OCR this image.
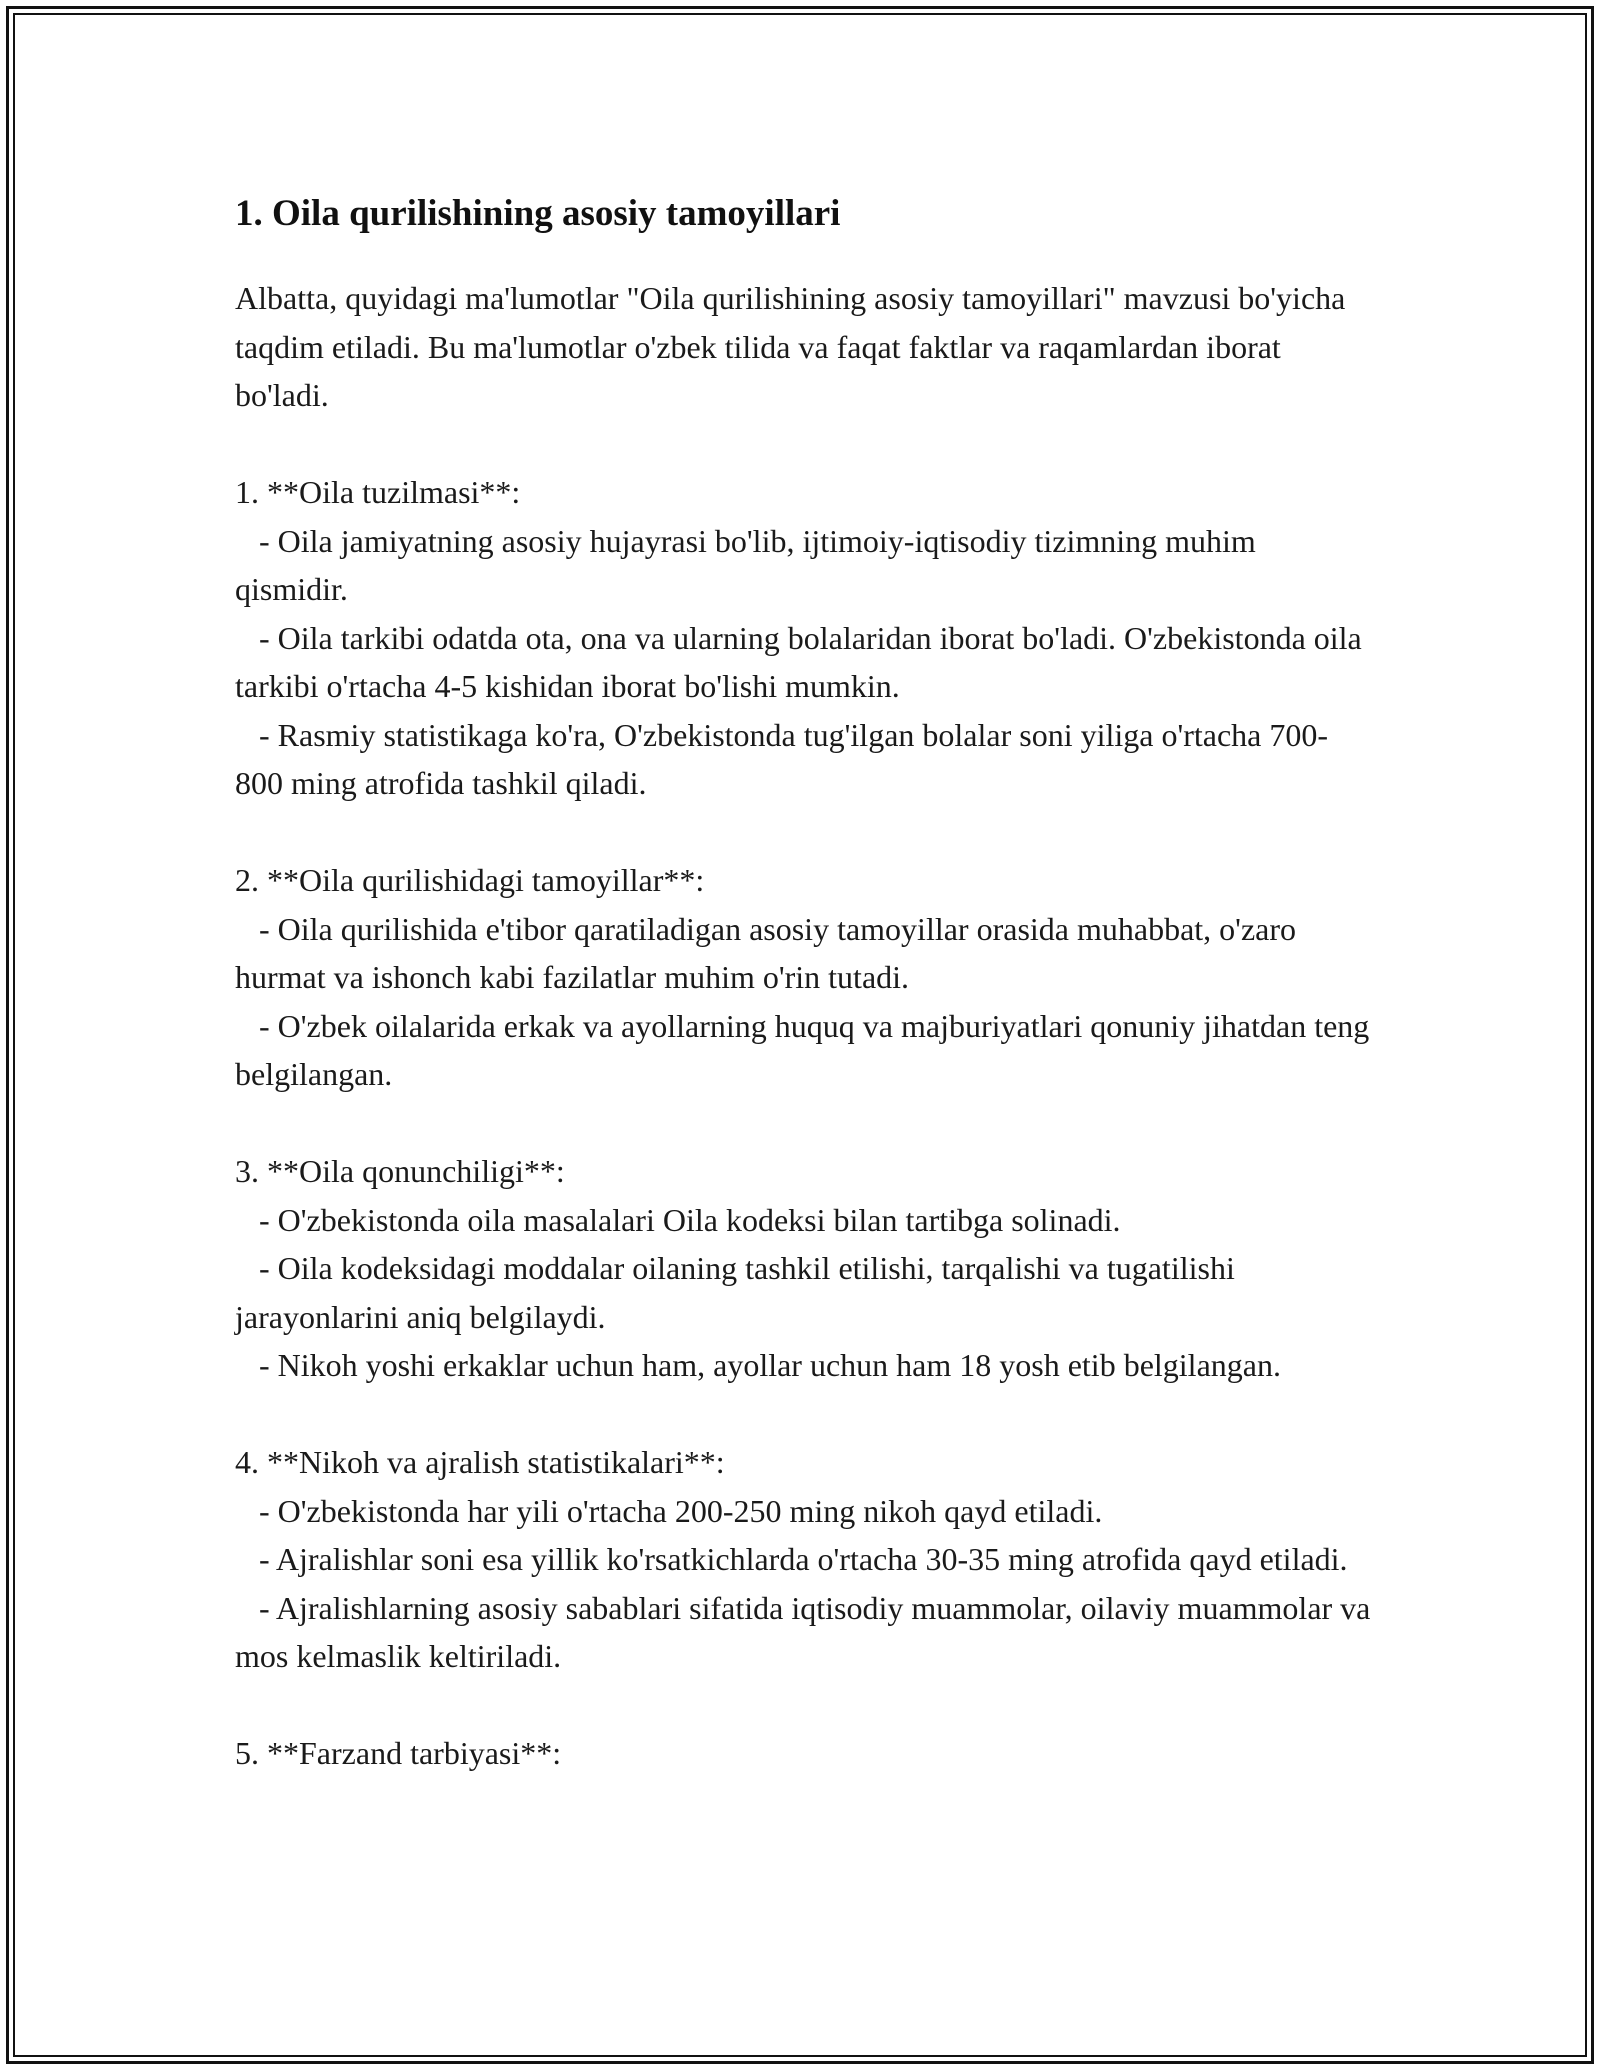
1. Oila qurilishining asosiy tamoyillari

Albatta, quyidagi ma'lumotlar "Oila qurilishining asosiy tamoyillari" mavzusi bo'yicha taqdim etiladi. Bu ma'lumotlar o'zbek tilida va faqat faktlar va raqamlardan iborat bo'ladi.

1. **Oila tuzilmasi**:

- Oila jamiyatning asosiy hujayrasi bo'lib, ijtimoiy-iqtisodiy tizimning muhim qismidir.

- Oila tarkibi odatda ota, ona va ularning bolalaridan iborat bo'ladi. O'zbekistonda oila tarkibi o'rtacha 4-5 kishidan iborat bo'lishi mumkin.

- Rasmiy statistikaga ko'ra, O'zbekistonda tug'ilgan bolalar soni yiliga o'rtacha 700-800 ming atrofida tashkil qiladi.

2. **Oila qurilishidagi tamoyillar**:

- Oila qurilishida e'tibor qaratiladigan asosiy tamoyillar orasida muhabbat, o'zaro hurmat va ishonch kabi fazilatlar muhim o'rin tutadi.

- O'zbek oilalarida erkak va ayollarning huquq va majburiyatlari qonuniy jihatdan teng belgilangan.

3. **Oila qonunchiligi**:

- O'zbekistonda oila masalalari Oila kodeksi bilan tartibga solinadi.

- Oila kodeksidagi moddalar oilaning tashkil etilishi, tarqalishi va tugatilishi jarayonlarini aniq belgilaydi.

- Nikoh yoshi erkaklar uchun ham, ayollar uchun ham 18 yosh etib belgilangan.

4. **Nikoh va ajralish statistikalari**:

- O'zbekistonda har yili o'rtacha 200-250 ming nikoh qayd etiladi.

- Ajralishlar soni esa yillik ko'rsatkichlarda o'rtacha 30-35 ming atrofida qayd etiladi.

- Ajralishlarning asosiy sabablari sifatida iqtisodiy muammolar, oilaviy muammolar va mos kelmaslik keltiriladi.

5. **Farzand tarbiyasi**:
